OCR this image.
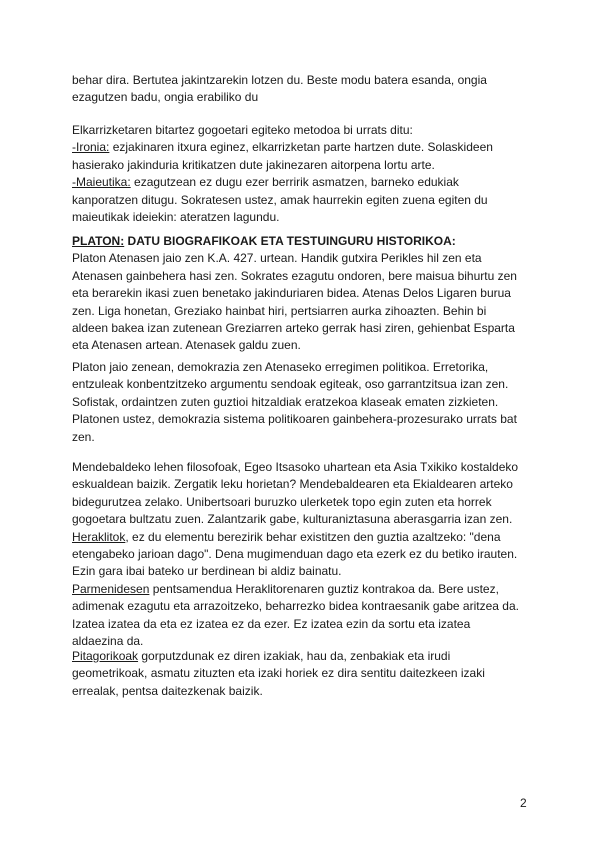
behar dira. Bertutea jakintzarekin lotzen du. Beste modu batera esanda, ongia
ezagutzen badu, ongia erabiliko du
Elkarrizketaren bitartez gogoetari egiteko metodoa bi urrats ditu:
-Ironia: ezjakinaren itxura eginez, elkarrizketan parte hartzen dute. Solaskideen
hasierako jakinduria kritikatzen dute jakinezaren aitorpena lortu arte.
-Maieutika: ezagutzean ez dugu ezer berririk asmatzen, barneko edukiak
kanporatzen ditugu. Sokratesen ustez, amak haurrekin egiten zuena egiten du
maieutikak ideiekin: ateratzen lagundu.
PLATON: DATU BIOGRAFIKOAK ETA TESTUINGURU HISTORIKOA:
Platon Atenasen jaio zen K.A. 427. urtean. Handik gutxira Perikles hil zen eta
Atenasen gainbehera hasi zen. Sokrates ezagutu ondoren, bere maisua bihurtu zen
eta berarekin ikasi zuen benetako jakinduriaren bidea. Atenas Delos Ligaren burua
zen. Liga honetan, Greziako hainbat hiri, pertsiarren aurka zihoazten. Behin bi
aldeen bakea izan zutenean Greziarren arteko gerrak hasi ziren, gehienbat Esparta
eta Atenasen artean. Atenasek galdu zuen.
Platon jaio zenean, demokrazia zen Atenaseko erregimen politikoa. Erretorika,
entzuleak konbentzitzeko argumentu sendoak egiteak, oso garrantzitsua izan zen.
Sofistak, ordaintzen zuten guztioi hitzaldiak eratzekoa klaseak ematen zizkieten.
Platonen ustez, demokrazia sistema politikoaren gainbehera-prozesurako urrats bat
zen.
Mendebaldeko lehen filosofoak, Egeo Itsasoko uhartean eta Asia Txikiko kostaldeko
eskualdean baizik. Zergatik leku horietan? Mendebaldearen eta Ekialdearen arteko
bidegurutzea zelako. Unibertsoari buruzko ulerketek topo egin zuten eta horrek
gogoetara bultzatu zuen. Zalantzarik gabe, kulturaniztasuna aberasgarria izan zen.
Heraklitok, ez du elementu berezirik behar existitzen den guztia azaltzeko: "dena
etengabeko jarioan dago". Dena mugimenduan dago eta ezerk ez du betiko irauten.
Ezin gara ibai bateko ur berdinean bi aldiz bainatu.
Parmenidesen pentsamendua Heraklitorenaren guztiz kontrakoa da. Bere ustez,
adimenak ezagutu eta arrazoitzeko, beharrezko bidea kontraesanik gabe aritzea da.
Izatea izatea da eta ez izatea ez da ezer. Ez izatea ezin da sortu eta izatea
aldaezina da.
Pitagorikoak gorputzdunak ez diren izakiak, hau da, zenbakiak eta irudi
geometrikoak, asmatu zituzten eta izaki horiek ez dira sentitu daitezkeen izaki
errealak, pentsa daitezkenak baizik.
2
